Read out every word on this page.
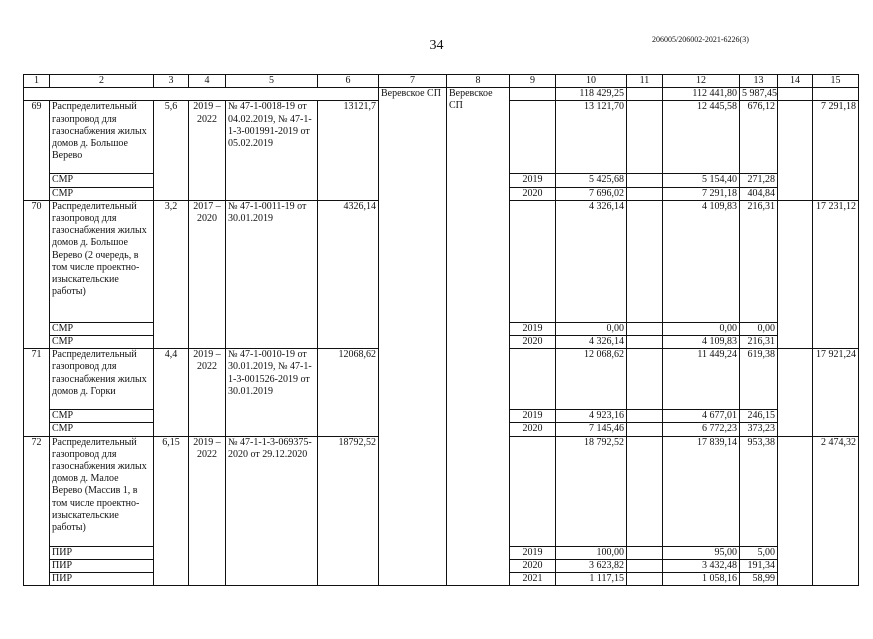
34	206005/206002-2021-6226(3)
1	2	3	4	5	6	7	8	9	10	11	12	13	14	15
						Веревское СП	Веревское СП		118 429,25		112 441,80	5 987,45		
69	Распределительный газопровод для газоснабжения жилых домов д. Большое Верево	5,6	2019 – 2022	№ 47-1-0018-19 от 04.02.2019, № 47-1-1-3-001991-2019 от 05.02.2019	13121,7				13 121,70		12 445,58	676,12		7 291,18
	СМР							2019	5 425,68		5 154,40	271,28		
	СМР							2020	7 696,02		7 291,18	404,84		
70	Распределительный газопровод для газоснабжения жилых домов д. Большое Верево (2 очередь, в том числе проектно-изыскательские работы)	3,2	2017 – 2020	№ 47-1-0011-19 от 30.01.2019	4326,14				4 326,14		4 109,83	216,31		17 231,12
	СМР							2019	0,00		0,00	0,00		
	СМР							2020	4 326,14		4 109,83	216,31		
71	Распределительный газопровод для газоснабжения жилых домов д. Горки	4,4	2019 – 2022	№ 47-1-0010-19 от 30.01.2019, № 47-1-1-3-001526-2019 от 30.01.2019	12068,62				12 068,62		11 449,24	619,38		17 921,24
	СМР							2019	4 923,16		4 677,01	246,15		
	СМР							2020	7 145,46		6 772,23	373,23		
72	Распределительный газопровод для газоснабжения жилых домов д. Малое Верево (Массив 1, в том числе проектно-изыскательские работы)	6,15	2019 – 2022	№ 47-1-1-3-069375-2020 от 29.12.2020	18792,52				18 792,52		17 839,14	953,38		2 474,32
	ПИР							2019	100,00		95,00	5,00		
	ПИР							2020	3 623,82		3 432,48	191,34		
	ПИР							2021	1 117,15		1 058,16	58,99		
